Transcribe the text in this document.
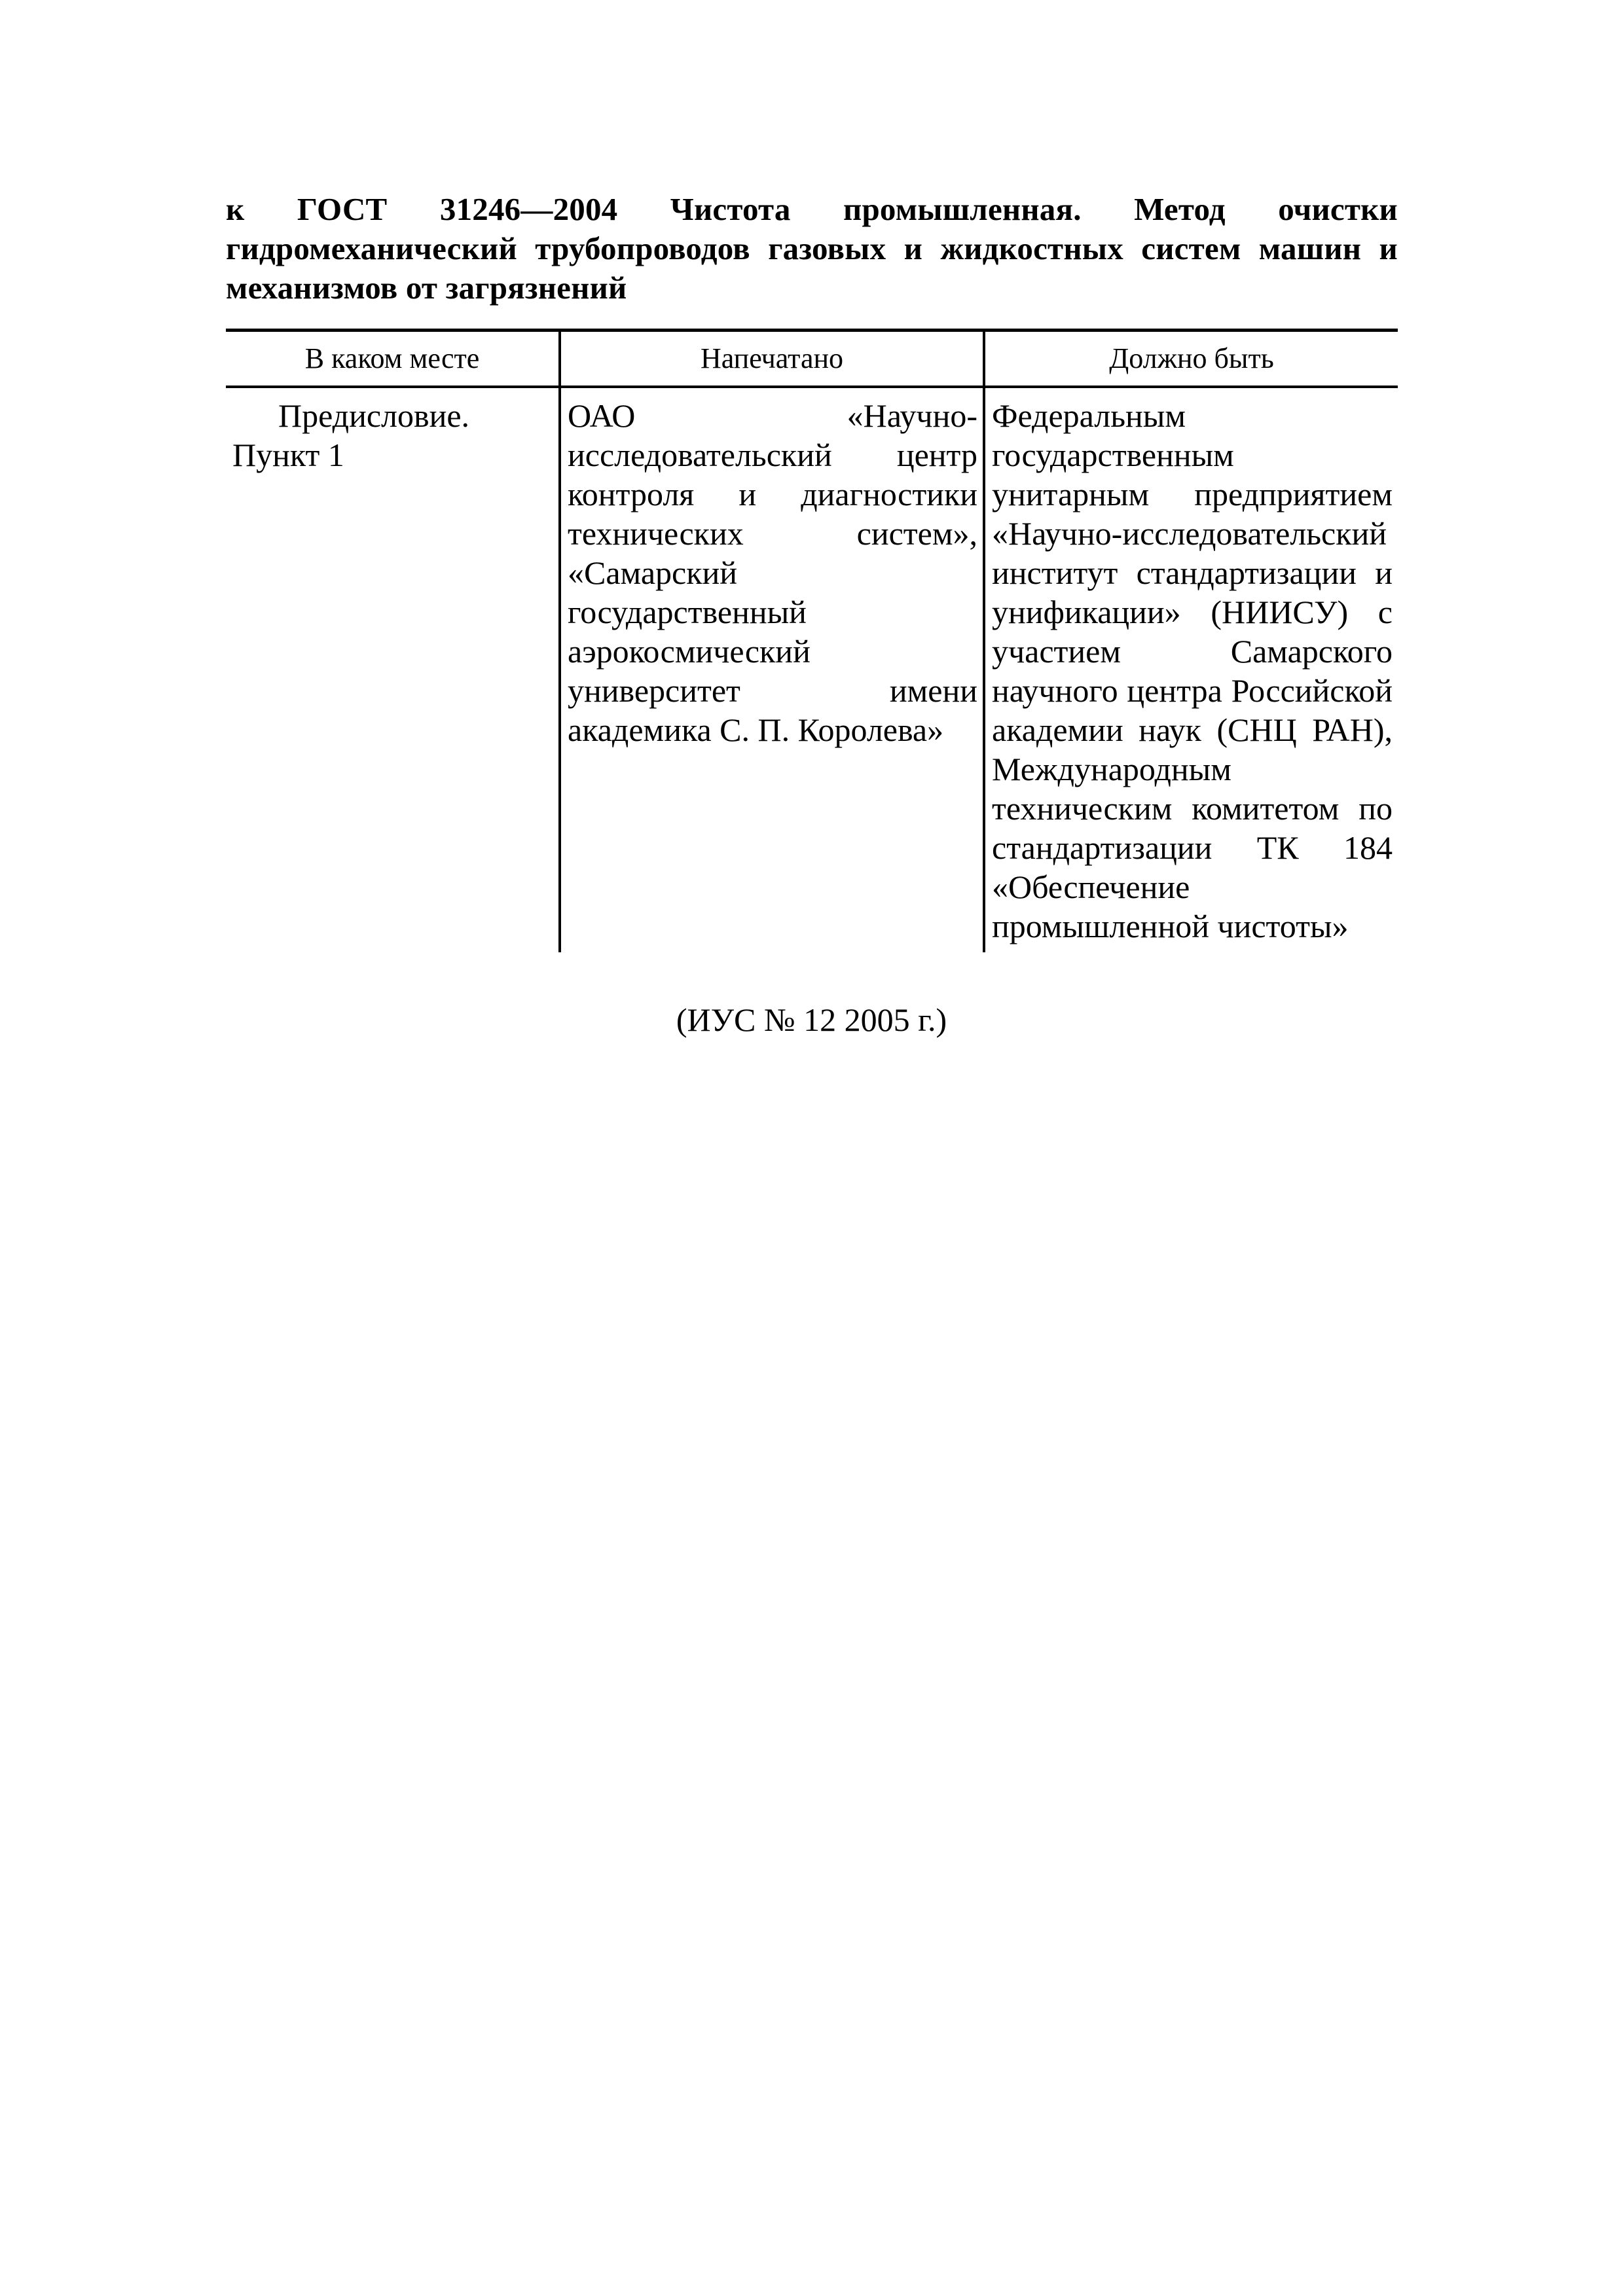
к ГОСТ 31246—2004 Чистота промышленная. Метод очистки гидромеханический трубопроводов газовых и жидкостных систем машин и механизмов от загрязнений
В каком месте	Напечатано	Должно быть
Предисловие. Пункт 1	ОАО «Научно-исследовательский центр контроля и диагностики технических систем», «Самарский государственный аэрокосмический университет имени академика С. П. Королева»	Федеральным государственным унитарным предприятием «Научно-исследовательский институт стандартизации и унификации» (НИИСУ) с участием Самарского научного центра Российской академии наук (СНЦ РАН), Международным техническим комитетом по стандартизации ТК 184 «Обеспечение промышленной чистоты»
(ИУС № 12 2005 г.)
